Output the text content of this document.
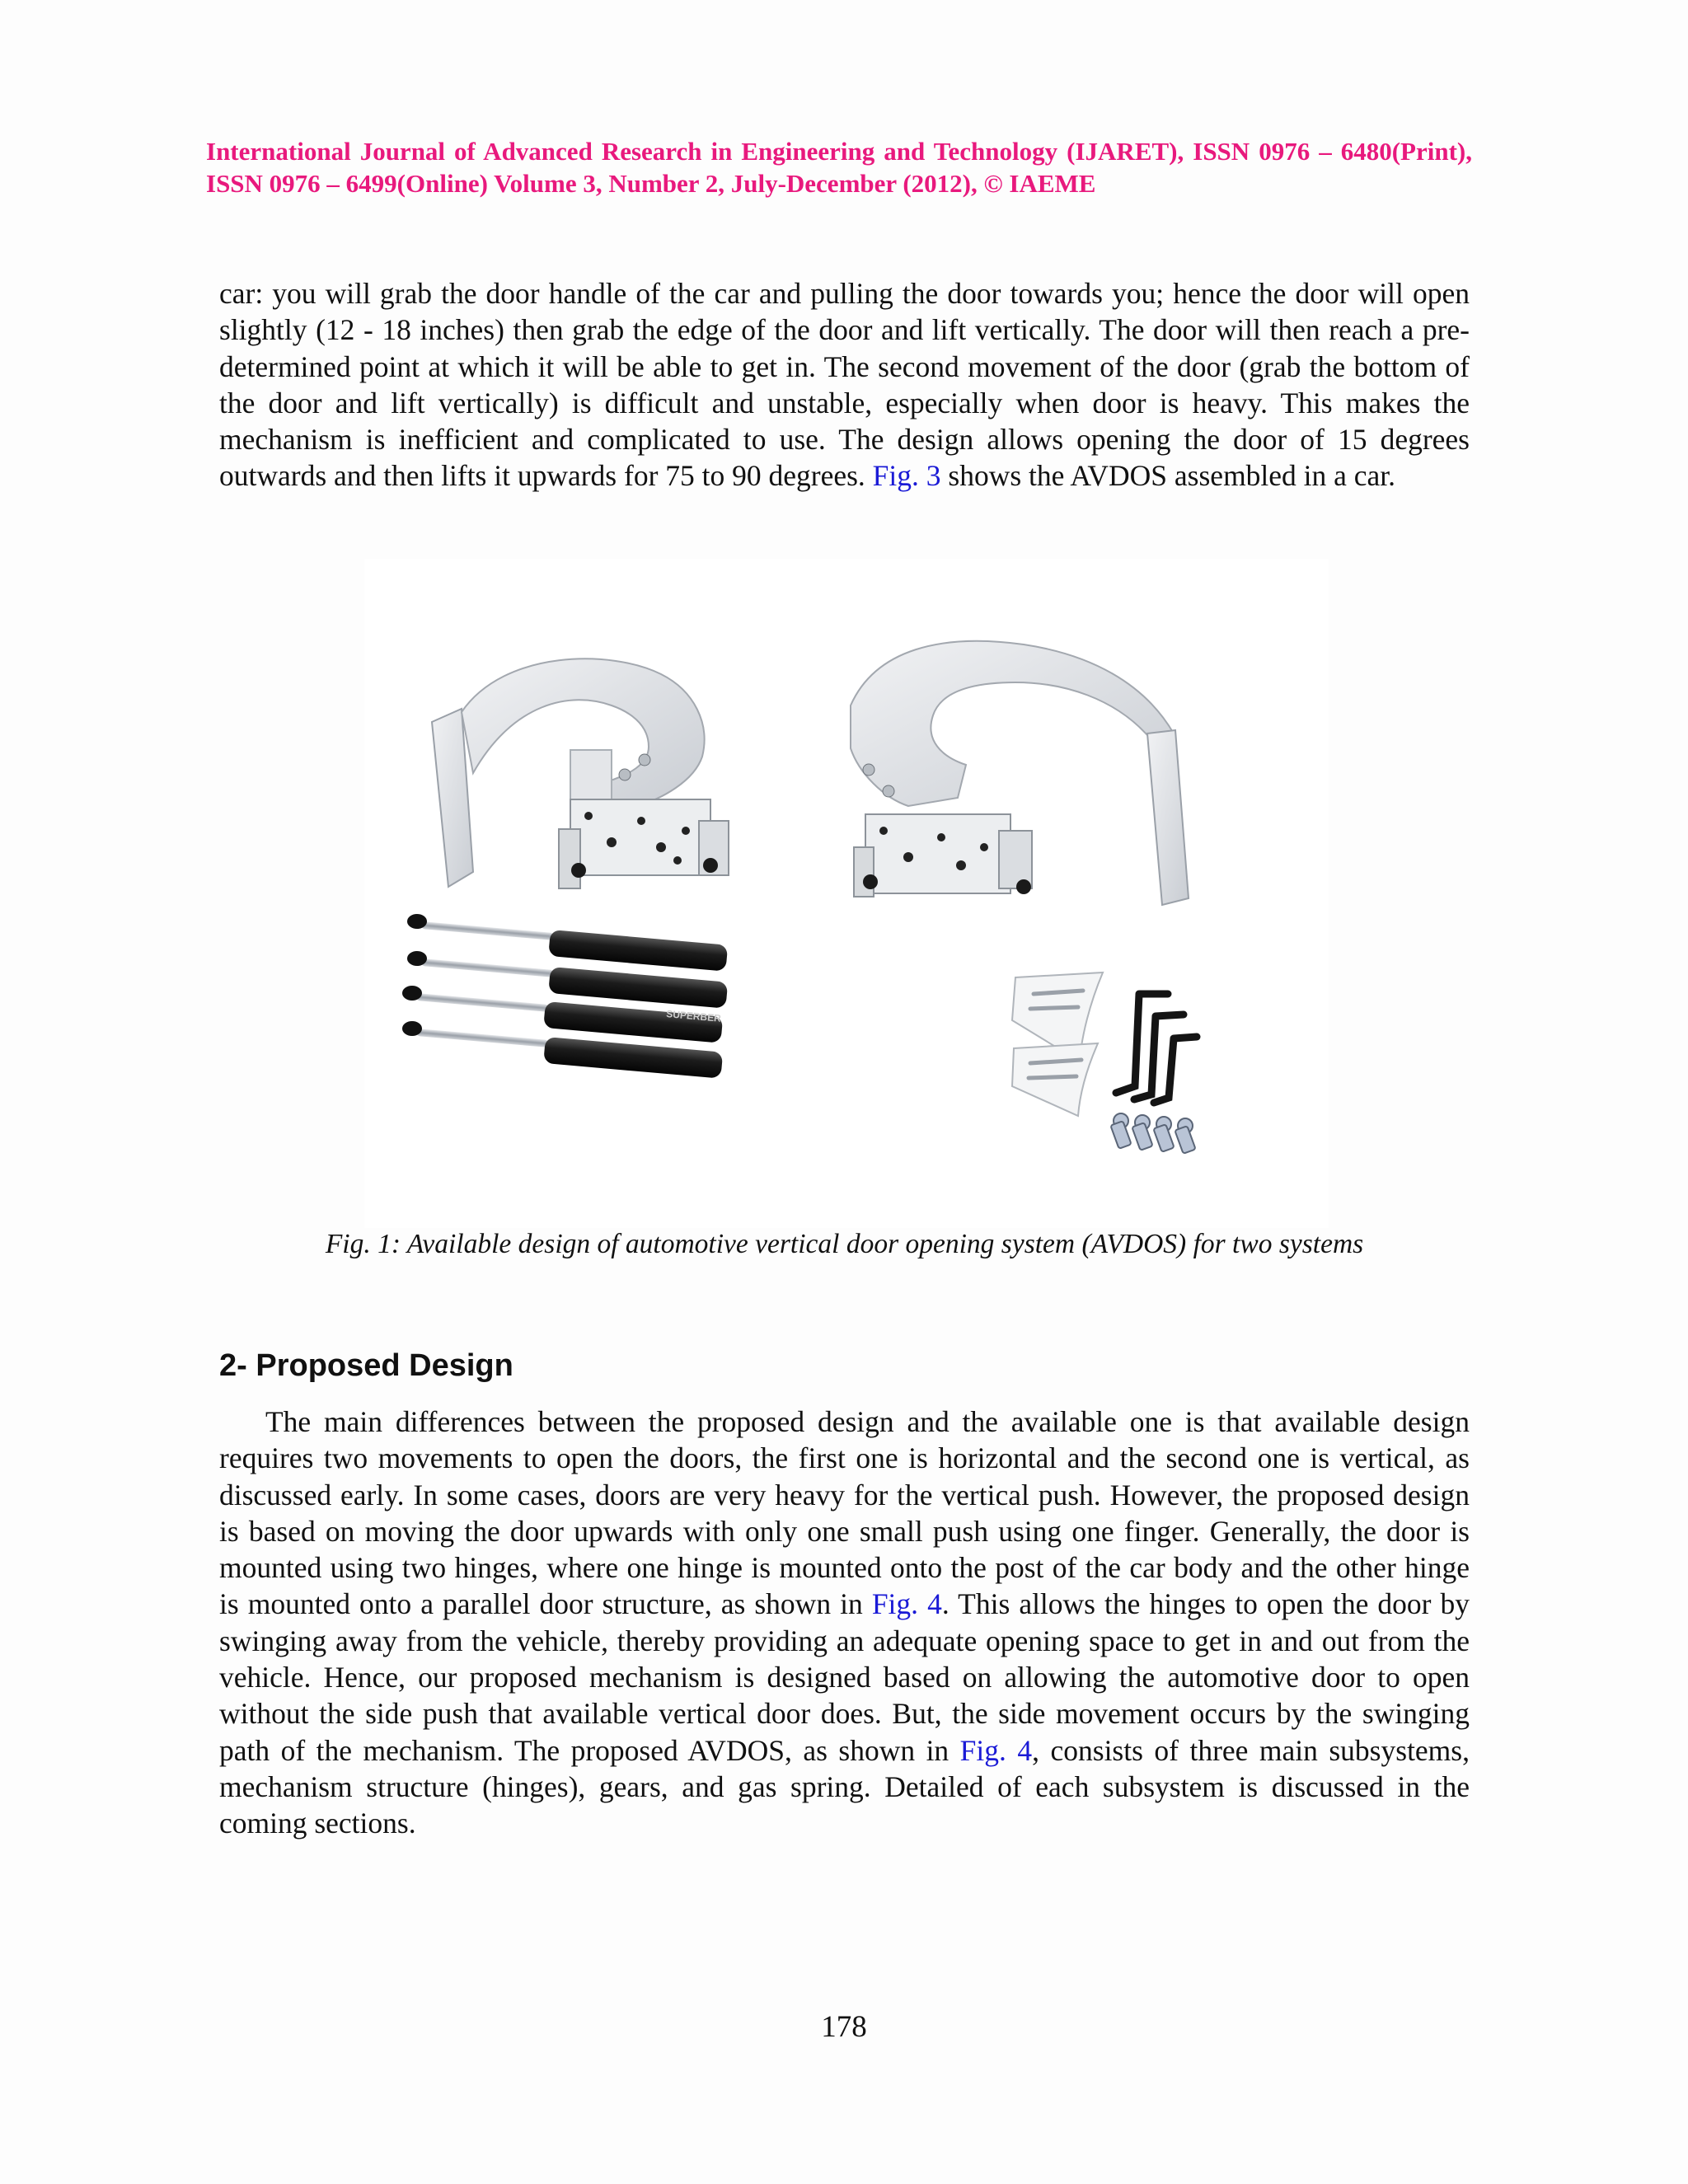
International Journal of Advanced Research in Engineering and Technology (IJARET), ISSN 0976 – 6480(Print), ISSN 0976 – 6499(Online) Volume 3, Number 2, July-December (2012), © IAEME

car: you will grab the door handle of the car and pulling the door towards you; hence the door will open slightly (12 - 18 inches) then grab the edge of the door and lift vertically. The door will then reach a pre-determined point at which it will be able to get in. The second movement of the door (grab the bottom of the door and lift vertically) is difficult and unstable, especially when door is heavy. This makes the mechanism is inefficient and complicated to use. The design allows opening the door of 15 degrees outwards and then lifts it upwards for 75 to 90 degrees. Fig. 3 shows the AVDOS assembled in a car.

SUPERBER
Fig. 1: Available design of automotive vertical door opening system (AVDOS) for two systems
2- Proposed Design

The main differences between the proposed design and the available one is that available design requires two movements to open the doors, the first one is horizontal and the second one is vertical, as discussed early. In some cases, doors are very heavy for the vertical push. However, the proposed design is based on moving the door upwards with only one small push using one finger. Generally, the door is mounted using two hinges, where one hinge is mounted onto the post of the car body and the other hinge is mounted onto a parallel door structure, as shown in Fig. 4. This allows the hinges to open the door by swinging away from the vehicle, thereby providing an adequate opening space to get in and out from the vehicle. Hence, our proposed mechanism is designed based on allowing the automotive door to open without the side push that available vertical door does. But, the side movement occurs by the swinging path of the mechanism. The proposed AVDOS, as shown in Fig. 4, consists of three main subsystems, mechanism structure (hinges), gears, and gas spring. Detailed of each subsystem is discussed in the coming sections.

178
